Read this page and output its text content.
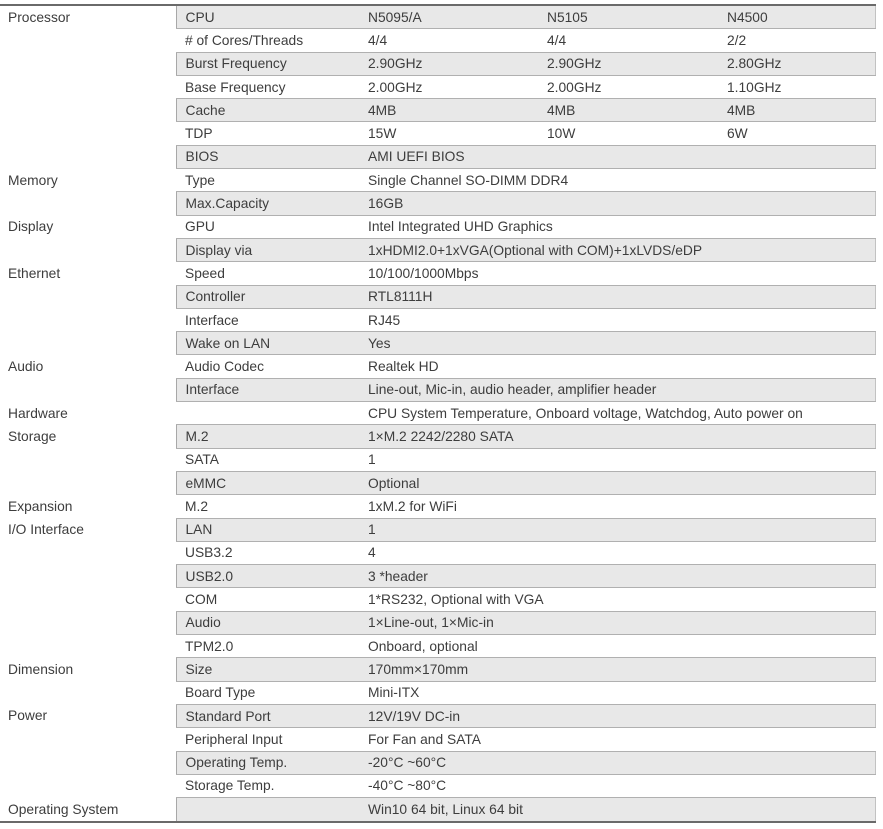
Processor	CPU	N5095/A	N5105	N4500
	# of Cores/Threads	4/4	4/4	2/2
	Burst Frequency	2.90GHz	2.90GHz	2.80GHz
	Base Frequency	2.00GHz	2.00GHz	1.10GHz
	Cache	4MB	4MB	4MB
	TDP	15W	10W	6W
	BIOS	AMI UEFI BIOS		
Memory	Type	Single Channel SO-DIMM DDR4		
	Max.Capacity	16GB		
Display	GPU	Intel Integrated UHD Graphics		
	Display via	1xHDMI2.0+1xVGA(Optional with COM)+1xLVDS/eDP		
Ethernet	Speed	10/100/1000Mbps		
	Controller	RTL8111H		
	Interface	RJ45		
	Wake on LAN	Yes		
Audio	Audio Codec	Realtek HD		
	Interface	Line-out, Mic-in, audio header, amplifier header		
Hardware		CPU System Temperature, Onboard voltage, Watchdog, Auto power on		
Storage	M.2	1×M.2 2242/2280 SATA		
	SATA	1		
	eMMC	Optional		
Expansion	M.2	1xM.2 for WiFi		
I/O Interface	LAN	1		
	USB3.2	4		
	USB2.0	3 *header		
	COM	1*RS232, Optional with VGA		
	Audio	1×Line-out, 1×Mic-in		
	TPM2.0	Onboard, optional		
Dimension	Size	170mm×170mm		
	Board Type	Mini-ITX		
Power	Standard Port	12V/19V DC-in		
	Peripheral Input	For Fan and SATA		
	Operating Temp.	-20°C ~60°C		
	Storage Temp.	-40°C ~80°C		
Operating System		Win10 64 bit, Linux 64 bit		
